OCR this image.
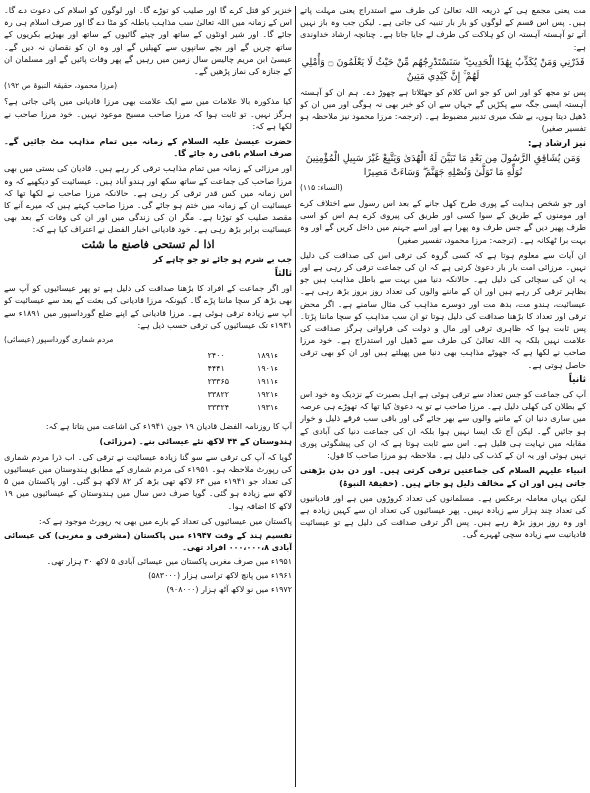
مت یعنی مجمع ہی کے ذریعہ اللہ تعالیٰ کی طرف سے استدراج یعنی مہلت پاتے ہیں۔ پس اس قسم کے لوگوں کو بار بار تنبیہ کی جاتی ہے۔ لیکن جب وہ باز نہیں آتے تو آہستہ آہستہ ان کو ہلاکت کی طرف لے جایا جاتا ہے۔ چنانچہ ارشاد خداوندی ہے:

فَذَرْنِي وَمَنْ يُكَذِّبُ بِهَٰذَا الْحَدِيثِ ۖ سَنَسْتَدْرِجُهُم مِّنْ حَيْثُ لَا يَعْلَمُونَ ۝ وَأُمْلِي لَهُمْ ۚ إِنَّ كَيْدِي مَتِينٌ

پس تو مجھ کو اور اس کو جو اس کلام کو جھٹلاتا ہے چھوڑ دے۔ ہم ان کو آہستہ آہستہ ایسی جگہ سے پکڑیں گے جہاں سے ان کو خبر بھی نہ ہوگی اور میں ان کو ڈھیل دیتا ہوں، بے شک میری تدبیر مضبوط ہے۔ (ترجمہ: مرزا محمود نیز ملاحظہ ہو تفسیر صغیر)

نیز ارشاد ہے:

وَمَن يُشَاقِقِ الرَّسُولَ مِن بَعْدِ مَا تَبَيَّنَ لَهُ الْهُدَىٰ وَيَتَّبِعْ غَيْرَ سَبِيلِ الْمُؤْمِنِينَ نُوَلِّهِ مَا تَوَلَّىٰ وَنُصْلِهِ جَهَنَّمَ ۖ وَسَاءَتْ مَصِيرًا

(النساء: ۱۱۵)

اور جو شخص ہدایت کے پوری طرح کھل جانے کے بعد اس رسول سے اختلاف کرے اور مومنوں کے طریق کے سوا کسی اور طریق کی پیروی کرے ہم اس کو اسی طرف پھیر دیں گے جس طرف وہ پھرا ہے اور اسے جہنم میں داخل کریں گے اور وہ بہت برا ٹھکانہ ہے۔ (ترجمہ: مرزا محمود، تفسیر صغیر)

ان آیات سے معلوم ہوتا ہے کہ کسی گروہ کی ترقی اس کی صداقت کی دلیل نہیں۔ مرزائی امت بار بار دعویٰ کرتی ہے کہ ان کی جماعت ترقی کر رہی ہے اور یہ ان کی سچائی کی دلیل ہے۔ حالانکہ دنیا میں بہت سے باطل مذاہب ہیں جو بظاہر ترقی کر رہے ہیں اور ان کے ماننے والوں کی تعداد روز بروز بڑھ رہی ہے۔ عیسائیت، ہندو مت، بدھ مت اور دوسرے مذاہب کی مثال سامنے ہے۔ اگر محض ترقی اور تعداد کا بڑھنا صداقت کی دلیل ہوتا تو ان سب مذاہب کو سچا ماننا پڑتا۔ پس ثابت ہوا کہ ظاہری ترقی اور مال و دولت کی فراوانی ہرگز صداقت کی علامت نہیں بلکہ یہ اللہ تعالیٰ کی طرف سے ڈھیل اور استدراج ہے۔ خود مرزا صاحب نے لکھا ہے کہ جھوٹے مذاہب بھی دنیا میں پھیلتے ہیں اور ان کو بھی ترقی حاصل ہوتی ہے۔

ثانیاً

آپ کی جماعت کو جس تعداد سے ترقی ہوئی ہے اہل بصیرت کے نزدیک وہ خود اس کے بطلان کی کھلی دلیل ہے۔ مرزا صاحب نے تو یہ دعویٰ کیا تھا کہ تھوڑے ہی عرصہ میں ساری دنیا ان کے ماننے والوں سے بھر جائے گی اور باقی سب فرقے ذلیل و خوار ہو جائیں گے۔ لیکن آج تک ایسا نہیں ہوا بلکہ ان کی جماعت دنیا کی آبادی کے مقابلہ میں نہایت ہی قلیل ہے۔ اس سے ثابت ہوتا ہے کہ ان کی پیشگوئی پوری نہیں ہوئی اور یہ ان کے کذب کی دلیل ہے۔ ملاحظہ ہو مرزا صاحب کا قول:

انبیاء علیہم السلام کی جماعتیں ترقی کرتی ہیں۔ اور دن بدن بڑھتی جاتی ہیں اور ان کے مخالف ذلیل ہو جاتے ہیں۔ (حقیقۃ النبوۃ)

لیکن یہاں معاملہ برعکس ہے۔ مسلمانوں کی تعداد کروڑوں میں ہے اور قادیانیوں کی تعداد چند ہزار سے زیادہ نہیں۔ پھر عیسائیوں کی تعداد ان سے کہیں زیادہ ہے اور وہ روز بروز بڑھ رہے ہیں۔ پس اگر ترقی صداقت کی دلیل ہے تو عیسائیت قادیانیت سے زیادہ سچی ٹھہرے گی۔

خنزیر کو قتل کرے گا اور صلیب کو توڑے گا۔ اور لوگوں کو اسلام کی دعوت دے گا۔ اس کے زمانہ میں اللہ تعالیٰ سب مذاہب باطلہ کو مٹا دے گا اور صرف اسلام ہی رہ جائے گا۔ اور شیر اونٹوں کے ساتھ اور چیتے گائیوں کے ساتھ اور بھیڑیے بکریوں کے ساتھ چریں گے اور بچے سانپوں سے کھیلیں گے اور وہ ان کو نقصان نہ دیں گے۔ عیسیٰ ابن مریم چالیس سال زمین میں رہیں گے پھر وفات پائیں گے اور مسلمان ان کے جنازہ کی نماز پڑھیں گے۔

(مرزا محمود، حقیقۃ النبوۃ ص ۱۹۲)

کیا مذکورہ بالا علامات میں سے ایک علامت بھی مرزا قادیانی میں پائی جاتی ہے؟ ہرگز نہیں۔ تو ثابت ہوا کہ مرزا صاحب مسیح موعود نہیں۔ خود مرزا صاحب نے لکھا ہے کہ:

حضرت عیسیٰ علیہ السلام کے زمانہ میں تمام مذاہب مٹ جائیں گے۔ صرف اسلام باقی رہ جائے گا۔

اور مرزائی کے زمانہ میں تمام مذاہب ترقی کر رہے ہیں۔ قادیان کی بستی میں بھی مرزا صاحب کی جماعت کے ساتھ سکھ اور ہندو آباد ہیں۔ عیسائیت کو دیکھیے کہ وہ اس زمانہ میں کس قدر ترقی کر رہی ہے۔ حالانکہ مرزا صاحب نے لکھا تھا کہ عیسائیت ان کے زمانہ میں ختم ہو جائے گی۔ مرزا صاحب کہتے ہیں کہ میرے آنے کا مقصد صلیب کو توڑنا ہے۔ مگر ان کی زندگی میں اور ان کی وفات کے بعد بھی عیسائیت برابر بڑھ رہی ہے۔ خود قادیانی اخبار الفضل نے اعتراف کیا ہے کہ:

اذا لم تستحی فاصنع ما شئت

جب بے شرم ہو جائے تو جو چاہے کر

ثالثاً

اور اگر جماعت کے افراد کا بڑھنا صداقت کی دلیل ہے تو پھر عیسائیوں کو آپ سے بھی بڑھ کر سچا ماننا پڑے گا۔ کیونکہ مرزا قادیانی کی بعثت کے بعد سے عیسائیت کو آپ سے زیادہ ترقی ہوئی ہے۔ مرزا قادیانی کے اپنے ضلع گورداسپور میں ۱۸۹۱ء سے ۱۹۳۱ء تک عیسائیوں کی ترقی حسب ذیل ہے:

مردم شماری گورداسپور (عیسائی)

۲۴۰۰	۱۸۹۱ء
۴۴۴۱	۱۹۰۱ء
۲۳۳۶۵	۱۹۱۱ء
۳۳۸۲۲	۱۹۲۱ء
۳۳۳۲۴	۱۹۳۱ء

آپ کا روزنامہ الفضل قادیان ۱۹ جون ۱۹۴۱ء کی اشاعت میں بتاتا ہے کہ:

ہندوستان کے ۴۴ لاکھ نئے عیسائی بنے۔ (مرزائی)

گویا کہ آپ کی ترقی سے سو گنا زیادہ عیسائیت نے ترقی کی۔ اب ذرا مردم شماری کی رپورٹ ملاحظہ ہو۔ ۱۹۵۱ء کی مردم شماری کے مطابق ہندوستان میں عیسائیوں کی تعداد جو ۱۹۴۱ء میں ۶۳ لاکھ تھی بڑھ کر ۸۲ لاکھ ہو گئی۔ اور پاکستان میں ۵ لاکھ سے زیادہ ہو گئی۔ گویا صرف دس سال میں ہندوستان کے عیسائیوں میں ۱۹ لاکھ کا اضافہ ہوا۔

پاکستان میں عیسائیوں کی تعداد کے بارے میں بھی یہ رپورٹ موجود ہے کہ:

تقسیم ہند کے وقت ۱۹۴۷ء میں پاکستان (مشرقی و مغربی) کی عیسائی آبادی ۰۰۰،۰۰۰،۸ افراد تھی۔

۱۹۵۱ء میں صرف مغربی پاکستان میں عیسائی آبادی ۵ لاکھ ۳۰ ہزار تھی۔

۱۹۶۱ء میں پانچ لاکھ تراسی ہزار (۵۸۳۰۰۰)

۱۹۷۲ء میں نو لاکھ آٹھ ہزار (۹۰۸۰۰۰)
